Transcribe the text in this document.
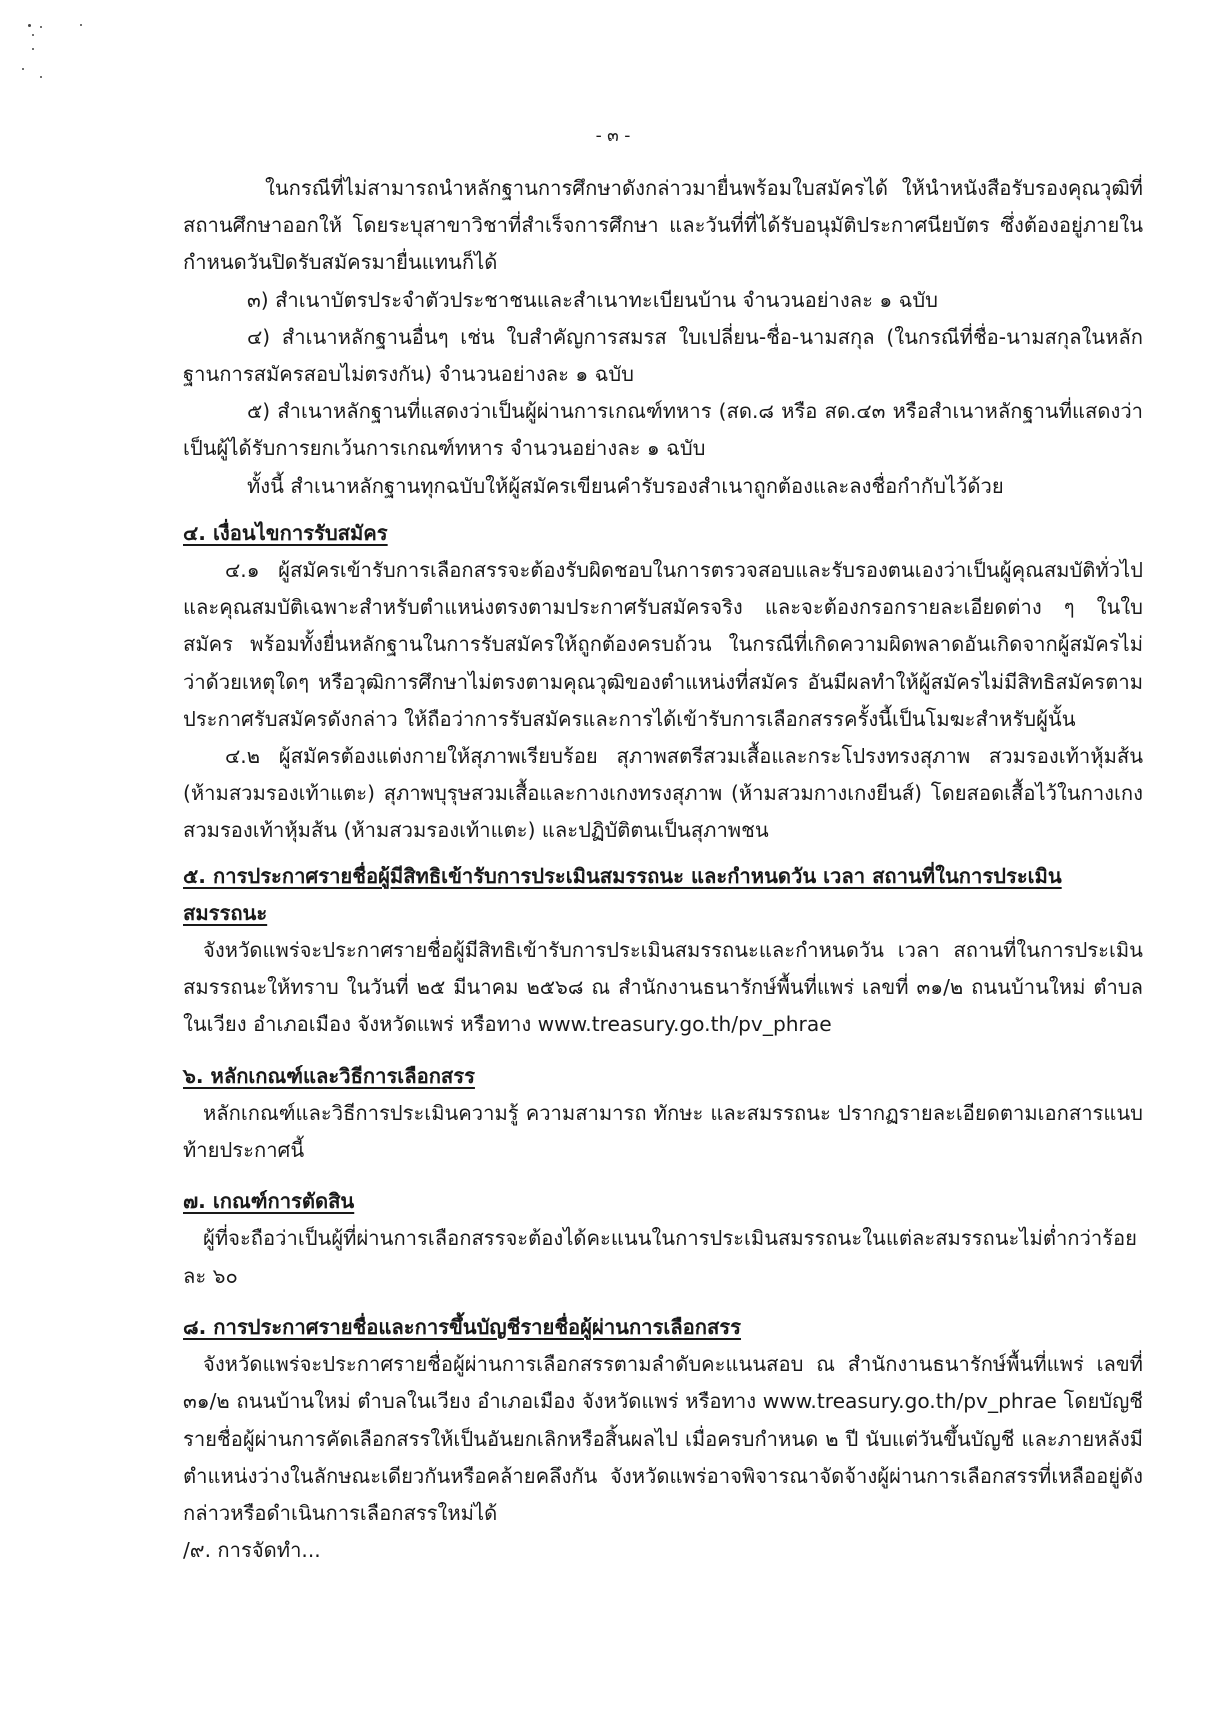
- ๓ -

ในกรณีที่ไม่สามารถนำหลักฐานการศึกษาดังกล่าวมายื่นพร้อมใบสมัครได้ ให้นำหนังสือรับรองคุณวุฒิที่สถานศึกษาออกให้ โดยระบุสาขาวิชาที่สำเร็จการศึกษา และวันที่ที่ได้รับอนุมัติประกาศนียบัตร ซึ่งต้องอยู่ภายในกำหนดวันปิดรับสมัครมายื่นแทนก็ได้

๓) สำเนาบัตรประจำตัวประชาชนและสำเนาทะเบียนบ้าน จำนวนอย่างละ ๑ ฉบับ

๔) สำเนาหลักฐานอื่นๆ เช่น ใบสำคัญการสมรส ใบเปลี่ยน-ชื่อ-นามสกุล (ในกรณีที่ชื่อ-นามสกุลในหลักฐานการสมัครสอบไม่ตรงกัน) จำนวนอย่างละ ๑ ฉบับ

๕) สำเนาหลักฐานที่แสดงว่าเป็นผู้ผ่านการเกณฑ์ทหาร (สด.๘ หรือ สด.๔๓ หรือสำเนาหลักฐานที่แสดงว่าเป็นผู้ได้รับการยกเว้นการเกณฑ์ทหาร จำนวนอย่างละ ๑ ฉบับ

ทั้งนี้ สำเนาหลักฐานทุกฉบับให้ผู้สมัครเขียนคำรับรองสำเนาถูกต้องและลงชื่อกำกับไว้ด้วย

๔. เงื่อนไขการรับสมัคร

๔.๑ ผู้สมัครเข้ารับการเลือกสรรจะต้องรับผิดชอบในการตรวจสอบและรับรองตนเองว่าเป็นผู้คุณสมบัติทั่วไป และคุณสมบัติเฉพาะสำหรับตำแหน่งตรงตามประกาศรับสมัครจริง และจะต้องกรอกรายละเอียดต่าง ๆ ในใบสมัคร พร้อมทั้งยื่นหลักฐานในการรับสมัครให้ถูกต้องครบถ้วน ในกรณีที่เกิดความผิดพลาดอันเกิดจากผู้สมัครไม่ว่าด้วยเหตุใดๆ หรือวุฒิการศึกษาไม่ตรงตามคุณวุฒิของตำแหน่งที่สมัคร อันมีผลทำให้ผู้สมัครไม่มีสิทธิสมัครตามประกาศรับสมัครดังกล่าว ให้ถือว่าการรับสมัครและการได้เข้ารับการเลือกสรรครั้งนี้เป็นโมฆะสำหรับผู้นั้น

๔.๒ ผู้สมัครต้องแต่งกายให้สุภาพเรียบร้อย สุภาพสตรีสวมเสื้อและกระโปรงทรงสุภาพ สวมรองเท้าหุ้มส้น (ห้ามสวมรองเท้าแตะ) สุภาพบุรุษสวมเสื้อและกางเกงทรงสุภาพ (ห้ามสวมกางเกงยีนส์) โดยสอดเสื้อไว้ในกางเกงสวมรองเท้าหุ้มส้น (ห้ามสวมรองเท้าแตะ) และปฏิบัติตนเป็นสุภาพชน

๕. การประกาศรายชื่อผู้มีสิทธิเข้ารับการประเมินสมรรถนะ และกำหนดวัน เวลา สถานที่ในการประเมินสมรรถนะ

จังหวัดแพร่จะประกาศรายชื่อผู้มีสิทธิเข้ารับการประเมินสมรรถนะและกำหนดวัน เวลา สถานที่ในการประเมินสมรรถนะให้ทราบ ในวันที่ ๒๕ มีนาคม ๒๕๖๘ ณ สำนักงานธนารักษ์พื้นที่แพร่ เลขที่ ๓๑/๒ ถนนบ้านใหม่ ตำบลในเวียง อำเภอเมือง จังหวัดแพร่ หรือทาง www.treasury.go.th/pv_phrae

๖. หลักเกณฑ์และวิธีการเลือกสรร

หลักเกณฑ์และวิธีการประเมินความรู้ ความสามารถ ทักษะ และสมรรถนะ ปรากฏรายละเอียดตามเอกสารแนบท้ายประกาศนี้

๗. เกณฑ์การตัดสิน

ผู้ที่จะถือว่าเป็นผู้ที่ผ่านการเลือกสรรจะต้องได้คะแนนในการประเมินสมรรถนะในแต่ละสมรรถนะไม่ต่ำกว่าร้อยละ ๖๐

๘. การประกาศรายชื่อและการขึ้นบัญชีรายชื่อผู้ผ่านการเลือกสรร

จังหวัดแพร่จะประกาศรายชื่อผู้ผ่านการเลือกสรรตามลำดับคะแนนสอบ ณ สำนักงานธนารักษ์พื้นที่แพร่ เลขที่ ๓๑/๒ ถนนบ้านใหม่ ตำบลในเวียง อำเภอเมือง จังหวัดแพร่ หรือทาง www.treasury.go.th/pv_phrae โดยบัญชีรายชื่อผู้ผ่านการคัดเลือกสรรให้เป็นอันยกเลิกหรือสิ้นผลไป เมื่อครบกำหนด ๒ ปี นับแต่วันขึ้นบัญชี และภายหลังมีตำแหน่งว่างในลักษณะเดียวกันหรือคล้ายคลึงกัน จังหวัดแพร่อาจพิจารณาจัดจ้างผู้ผ่านการเลือกสรรที่เหลืออยู่ดังกล่าวหรือดำเนินการเลือกสรรใหม่ได้

/๙. การจัดทำ...
